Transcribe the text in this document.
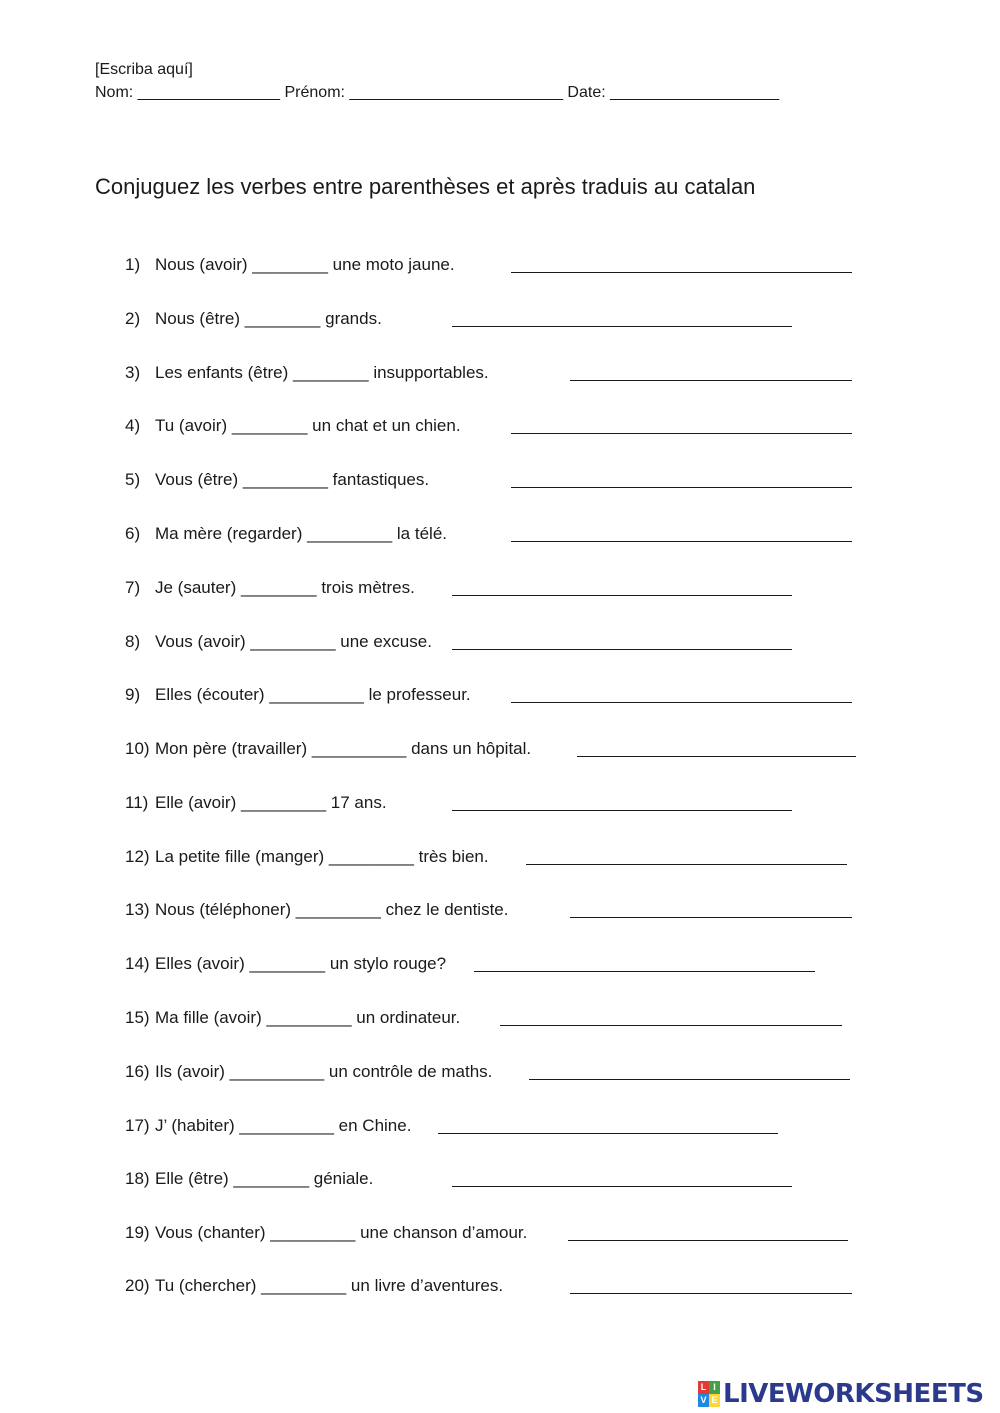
[Escriba aquí]
Nom: ________________ Prénom: ________________________ Date: ___________________
Conjuguez les verbes entre parenthèses et après traduis au catalan
1) Nous (avoir) ________ une moto jaune.
2) Nous (être) ________ grands.
3) Les enfants (être) ________ insupportables.
4) Tu (avoir) ________ un chat et un chien.
5) Vous (être) _________ fantastiques.
6) Ma mère (regarder) _________ la télé.
7) Je (sauter) ________ trois mètres.
8) Vous (avoir) _________ une excuse.
9) Elles (écouter) __________ le professeur.
10) Mon père (travailler) __________ dans un hôpital.
11) Elle (avoir) _________ 17 ans.
12) La petite fille (manger) _________ très bien.
13) Nous (téléphoner) _________ chez le dentiste.
14) Elles (avoir) ________ un stylo rouge?
15) Ma fille (avoir) _________ un ordinateur.
16) Ils (avoir) __________ un contrôle de maths.
17) J’ (habiter) __________ en Chine.
18) Elle (être) ________ géniale.
19) Vous (chanter) _________ une chanson d’amour.
20) Tu (chercher) _________ un livre d’aventures.
L I
V E LIVEWORKSHEETS
